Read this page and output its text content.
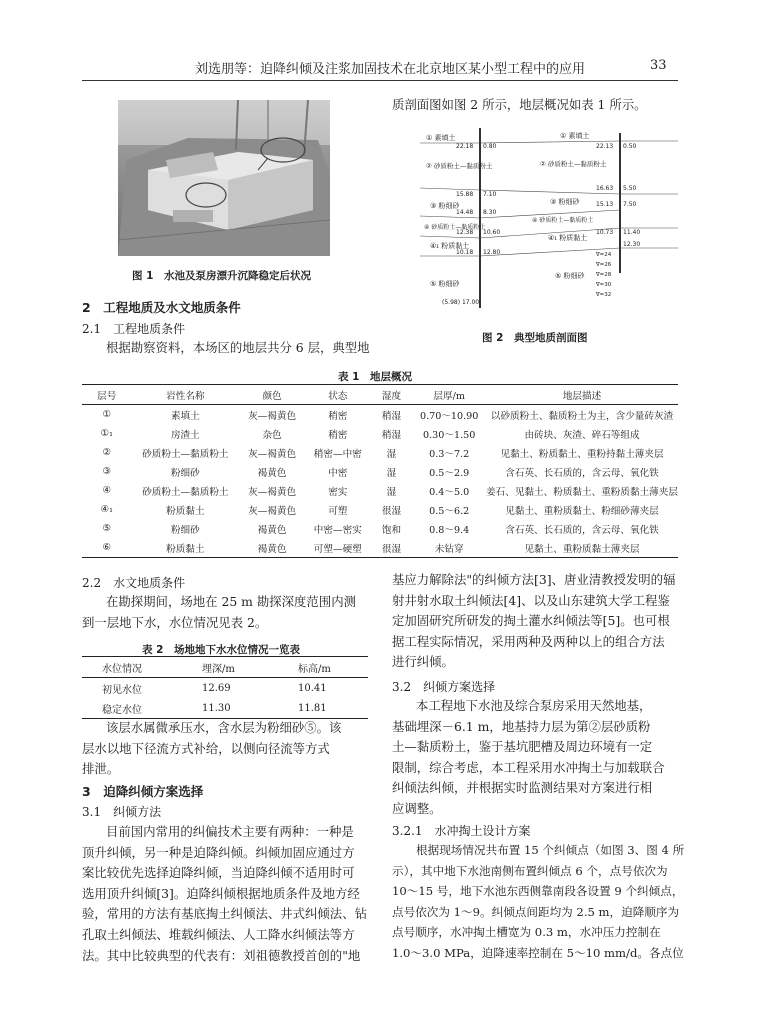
刘选朋等：迫降纠倾及注浆加固技术在北京地区某小型工程中的应用	33
图 1　 水池及泵房漂升沉降稳定后状况
2　工程地质及水文地质条件
2.1　工程地质条件
根据勘察资料，本场区的地层共分 6 层，典型地
质剖面图如图 2 所示，地层概况如表 1 所示。
① 素填土
② 砂质粉土—黏质粉土
③ 粉细砂
④ 砂质粉土—黏质粉土
④₁ 粉质黏土
⑤ 粉细砂
0.80
22.18
15.88 7.10
14.48 8.30
12.38 10.60
10.18 12.80
(5.98) 17.00
① 素填土
② 砂质粉土—黏质粉土
③ 粉细砂
④ 砂质粉土—黏质粉土
④₁ 粉质黏土
⑤ 粉细砂
22.13 0.50
16.63 5.50
15.13 7.50
10.73 11.40
12.30
∇=24
∇=26
∇=28
∇=30
∇=32
图 2　 典型地质剖面图
表 1　 地层概况
层号	岩性名称	颜色	状态	湿度	层厚/m	地层描述
①	素填土	灰—褐黄色	稍密	稍湿	0.70～10.90	以砂质粉土、黏质粉土为主，含少量砖灰渣
①₁	房渣土	杂色	稍密	稍湿	0.30～1.50	由砖块、灰渣、碎石等组成
②	砂质粉土—黏质粉土	灰—褐黄色	稍密—中密	湿	0.3～7.2	见黏土、粉质黏土、重粉持黏土薄夹层
③	粉细砂	褐黄色	中密	湿	0.5～2.9	含石英、长石质的，含云母、氧化铁
④	砂质粉土—黏质粉土	灰—褐黄色	密实	湿	0.4～5.0	姜石、见黏土、粉质黏土、重粉质黏土薄夹层
④₁	粉质黏土	灰—褐黄色	可塑	很湿	0.5～6.2	见黏土、重粉质黏土、粉细砂薄夹层
⑤	粉细砂	褐黄色	中密—密实	饱和	0.8～9.4	含石英、长石质的，含云母、氧化铁
⑥	粉质黏土	褐黄色	可塑—硬塑	很湿	未钻穿	见黏土、重粉质黏土薄夹层
2.2　水文地质条件
在勘探期间，场地在 25 m 勘探深度范围内测
到一层地下水，水位情况见表 2。
表 2　 场地地下水水位情况一览表
水位情况	埋深/m	标高/m
初见水位	12.69	10.41
稳定水位	11.30	11.81
该层水属微承压水，含水层为粉细砂⑤。该
层水以地下径流方式补给，以侧向径流等方式
排泄。
3　迫降纠倾方案选择
3.1　纠倾方法
目前国内常用的纠偏技术主要有两种：一种是
顶升纠倾，另一种是迫降纠倾。纠倾加固应通过方
案比较优先选择迫降纠倾，当迫降纠倾不适用时可
选用顶升纠倾[3]。迫降纠倾根据地质条件及地方经
验，常用的方法有基底掏土纠倾法、井式纠倾法、钻
孔取土纠倾法、堆载纠倾法、人工降水纠倾法等方
法。其中比较典型的代表有：刘祖德教授首创的"地
基应力解除法"的纠倾方法[3]、唐业清教授发明的辐
射井射水取土纠倾法[4]、以及山东建筑大学工程鉴
定加固研究所研发的掏土灌水纠倾法等[5]。也可根
据工程实际情况，采用两种及两种以上的组合方法
进行纠倾。
3.2　纠倾方案选择
本工程地下水池及综合泵房采用天然地基，
基础埋深－6.1 m，地基持力层为第②层砂质粉
土—黏质粉土，鉴于基坑肥槽及周边环境有一定
限制，综合考虑，本工程采用水冲掏土与加载联合
纠倾法纠倾，并根据实时监测结果对方案进行相
应调整。
3.2.1　水冲掏土设计方案
根据现场情况共布置 15 个纠倾点（如图 3、图 4 所
示），其中地下水池南侧布置纠倾点 6 个，点号依次为
10～15 号，地下水池东西侧靠南段各设置 9 个纠倾点，
点号依次为 1～9。纠倾点间距均为 2.5 m，迫降顺序为
点号顺序，水冲掏土槽宽为 0.3 m，水冲压力控制在
1.0～3.0 MPa，迫降速率控制在 5～10 mm/d。各点位
